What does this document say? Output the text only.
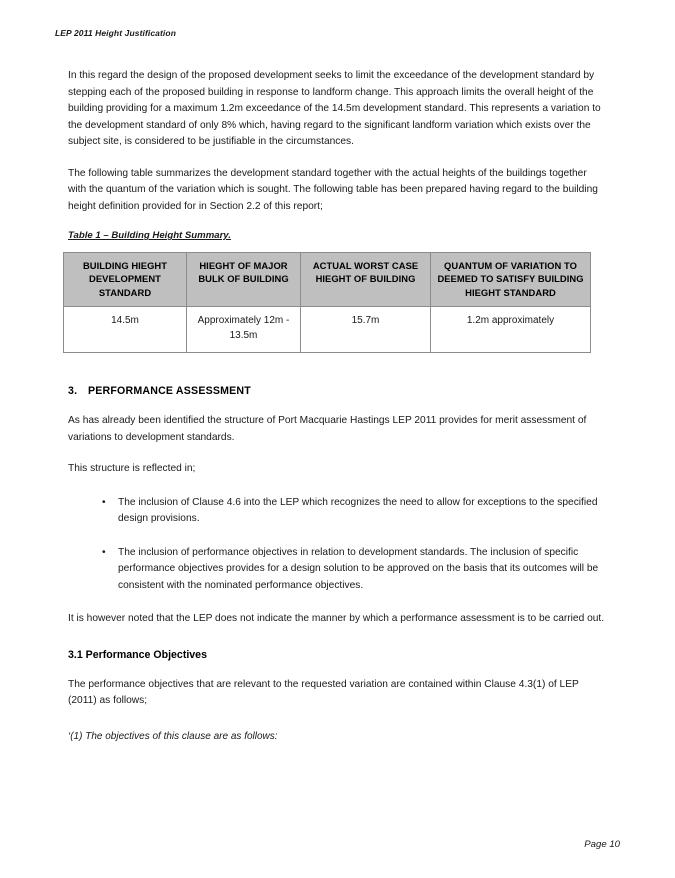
LEP 2011 Height Justification

In this regard the design of the proposed development seeks to limit the exceedance of the development standard by stepping each of the proposed building in response to landform change. This approach limits the overall height of the building providing for a maximum 1.2m exceedance of the 14.5m development standard. This represents a variation to the development standard of only 8% which, having regard to the significant landform variation which exists over the subject site, is considered to be justifiable in the circumstances.

The following table summarizes the development standard together with the actual heights of the buildings together with the quantum of the variation which is sought. The following table has been prepared having regard to the building height definition provided for in Section 2.2 of this report;

Table 1 – Building Height Summary.
BUILDING HIEGHT DEVELOPMENT STANDARD	HIEGHT OF MAJOR BULK OF BUILDING	ACTUAL WORST CASE HIEGHT OF BUILDING	QUANTUM OF VARIATION TO DEEMED TO SATISFY BUILDING HIEGHT STANDARD
14.5m	Approximately 12m - 13.5m	15.7m	1.2m approximately
3. PERFORMANCE ASSESSMENT

As has already been identified the structure of Port Macquarie Hastings LEP 2011 provides for merit assessment of variations to development standards.

This structure is reflected in;

• The inclusion of Clause 4.6 into the LEP which recognizes the need to allow for exceptions to the specified design provisions.
• The inclusion of performance objectives in relation to development standards. The inclusion of specific performance objectives provides for a design solution to be approved on the basis that its outcomes will be consistent with the nominated performance objectives.

It is however noted that the LEP does not indicate the manner by which a performance assessment is to be carried out.

3.1 Performance Objectives

The performance objectives that are relevant to the requested variation are contained within Clause 4.3(1) of LEP (2011) as follows;

‘(1) The objectives of this clause are as follows:
Page 10
